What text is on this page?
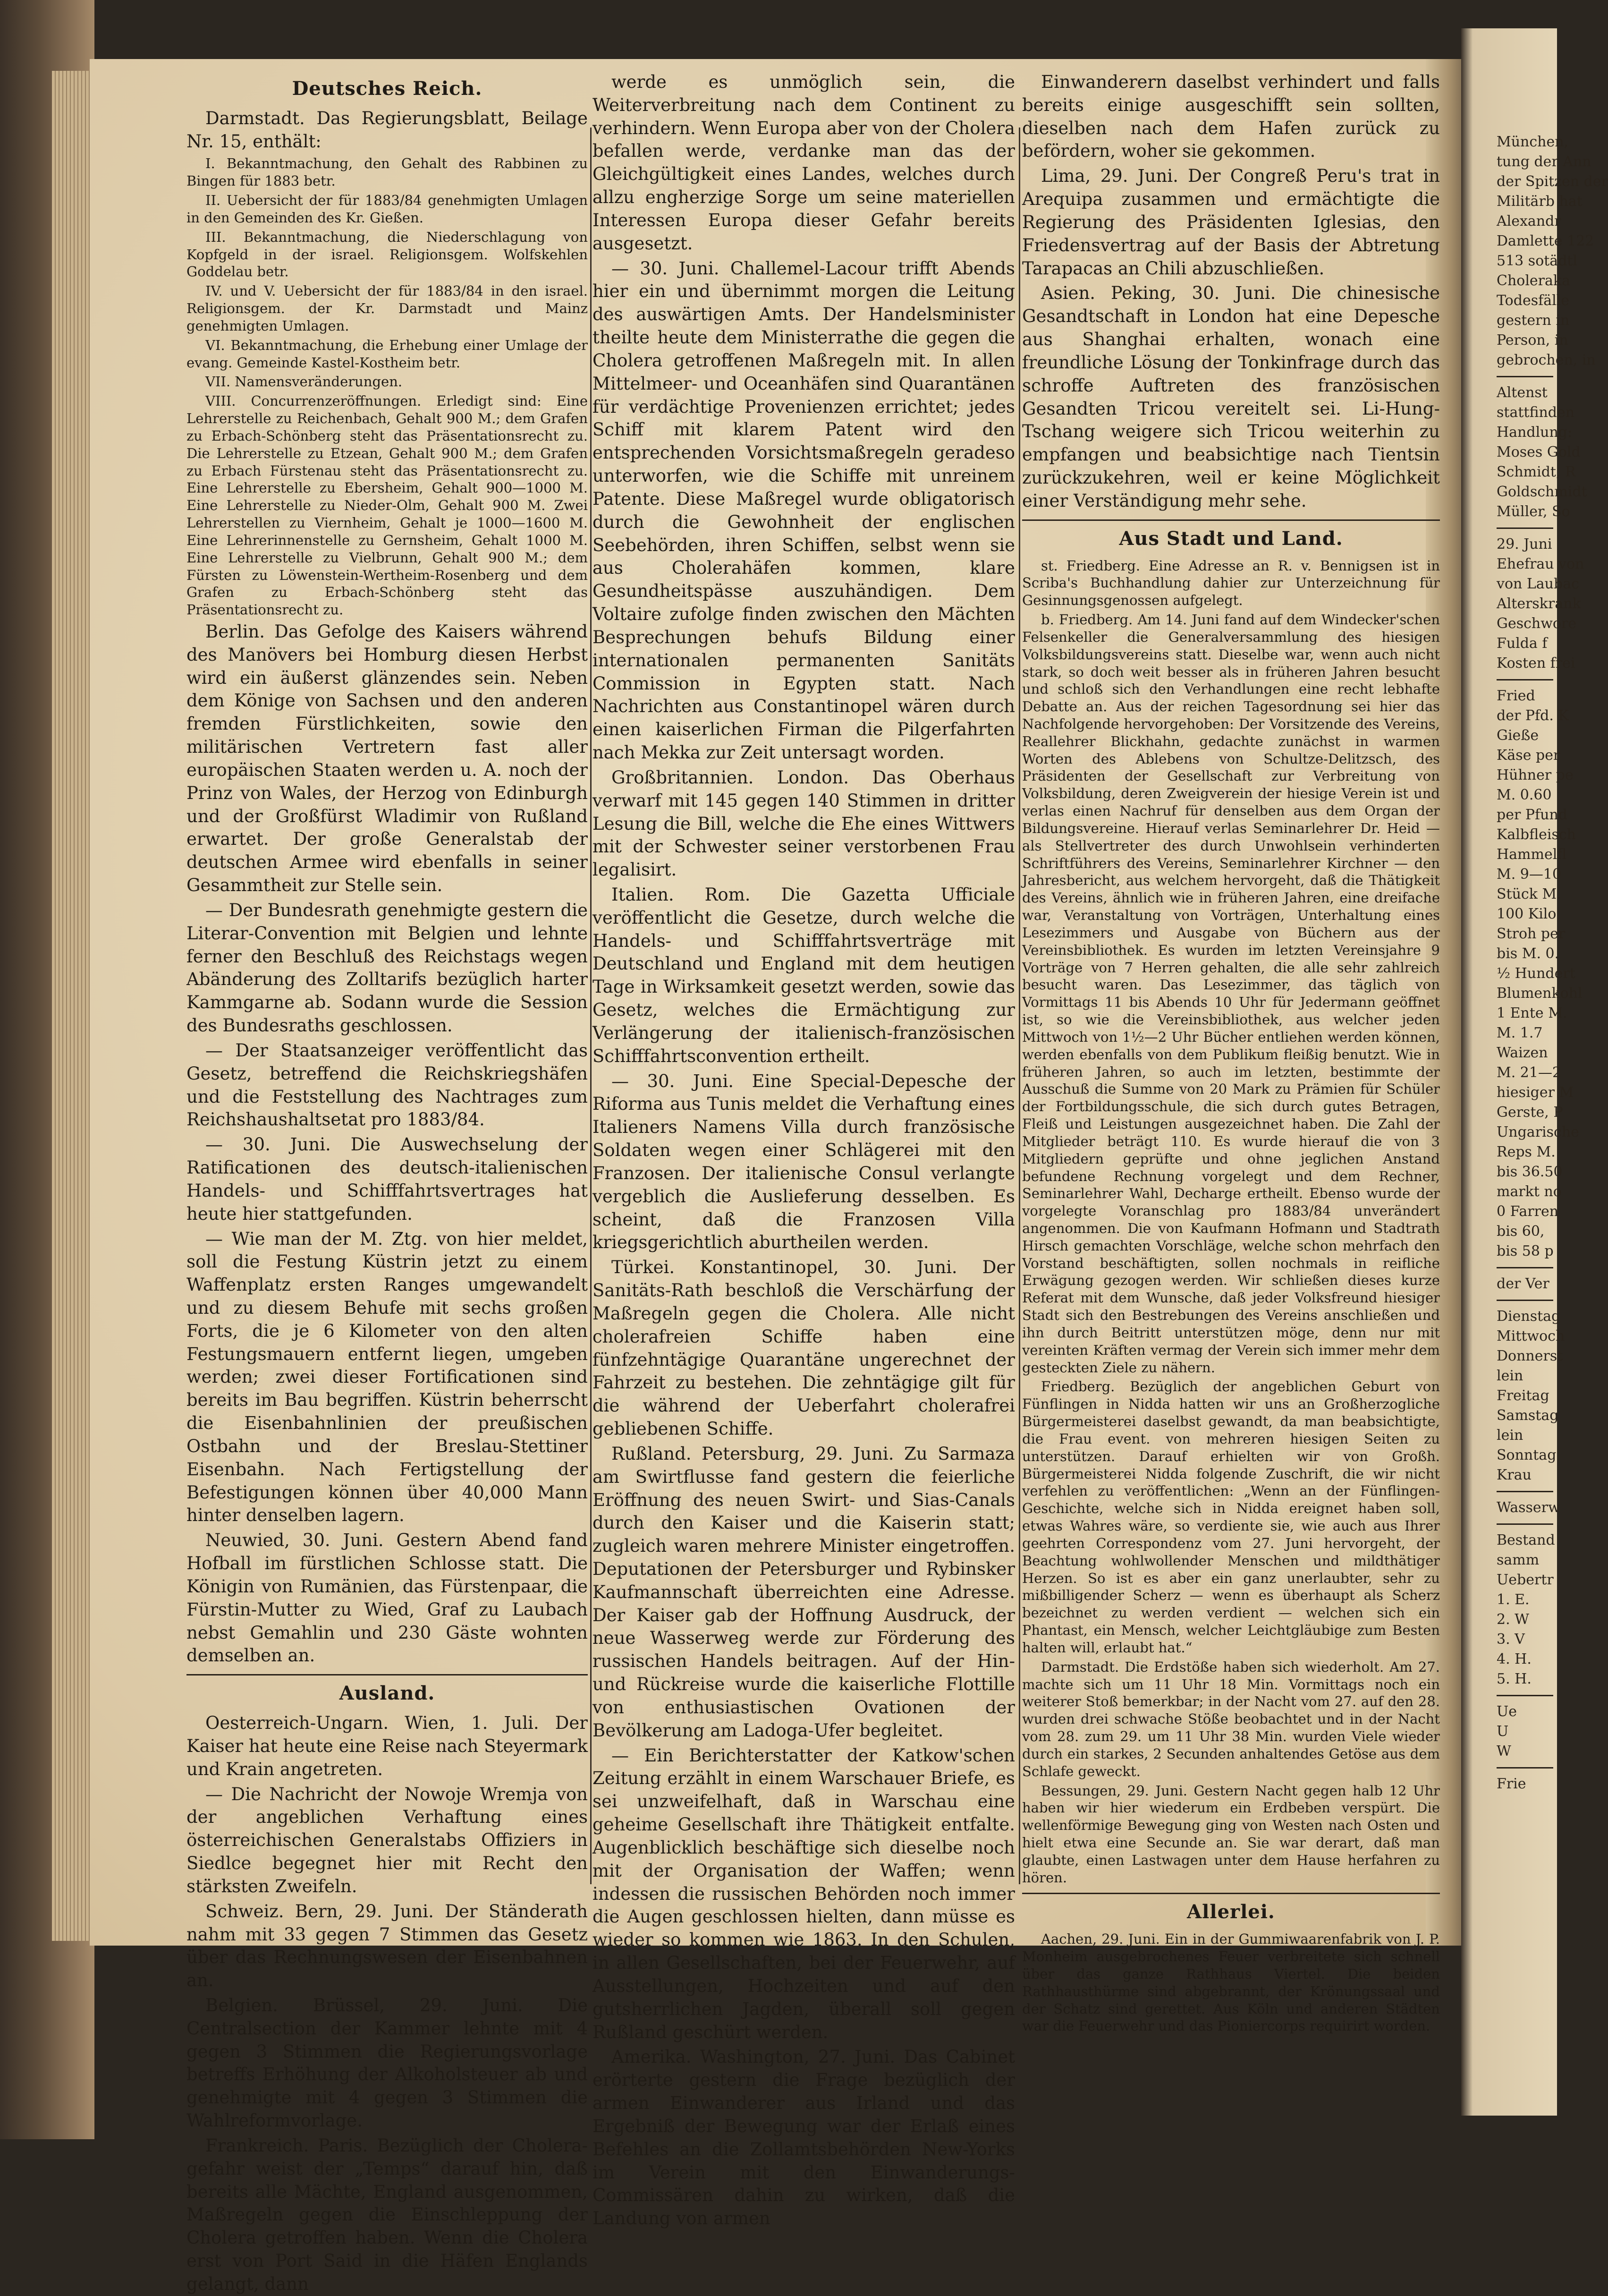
Deutsches Reich.

Darmstadt. Das Regierungsblatt, Beilage Nr. 15, enthält:

I. Bekanntmachung, den Gehalt des Rabbinen zu Bingen für 1883 betr.

II. Uebersicht der für 1883/84 genehmigten Umlagen in den Gemeinden des Kr. Gießen.

III. Bekanntmachung, die Niederschlagung von Kopfgeld in der israel. Religionsgem. Wolfskehlen Goddelau betr.

IV. und V. Uebersicht der für 1883/84 in den israel. Religionsgem. der Kr. Darmstadt und Mainz genehmigten Umlagen.

VI. Bekanntmachung, die Erhebung einer Umlage der evang. Gemeinde Kastel-Kostheim betr.

VII. Namensveränderungen.

VIII. Concurrenzeröffnungen. Erledigt sind: Eine Lehrerstelle zu Reichenbach, Gehalt 900 M.; dem Grafen zu Erbach-Schönberg steht das Präsentationsrecht zu. Die Lehrerstelle zu Etzean, Gehalt 900 M.; dem Grafen zu Erbach Fürstenau steht das Präsentationsrecht zu. Eine Lehrerstelle zu Ebersheim, Gehalt 900—1000 M. Eine Lehrerstelle zu Nieder-Olm, Gehalt 900 M. Zwei Lehrerstellen zu Viernheim, Gehalt je 1000—1600 M. Eine Lehrerinnenstelle zu Gernsheim, Gehalt 1000 M. Eine Lehrerstelle zu Vielbrunn, Gehalt 900 M.; dem Fürsten zu Löwenstein-Wertheim-Rosenberg und dem Grafen zu Erbach-Schönberg steht das Präsentationsrecht zu.

Berlin. Das Gefolge des Kaisers während des Manövers bei Homburg diesen Herbst wird ein äußerst glänzendes sein. Neben dem Könige von Sachsen und den anderen fremden Fürstlichkeiten, sowie den militärischen Vertretern fast aller europäischen Staaten werden u. A. noch der Prinz von Wales, der Herzog von Edinburgh und der Großfürst Wladimir von Rußland erwartet. Der große Generalstab der deutschen Armee wird ebenfalls in seiner Gesammtheit zur Stelle sein.

— Der Bundesrath genehmigte gestern die Literar-Convention mit Belgien und lehnte ferner den Beschluß des Reichstags wegen Abänderung des Zolltarifs bezüglich harter Kammgarne ab. Sodann wurde die Session des Bundesraths geschlossen.

— Der Staatsanzeiger veröffentlicht das Gesetz, betreffend die Reichskriegshäfen und die Feststellung des Nachtrages zum Reichshaushaltsetat pro 1883/84.

— 30. Juni. Die Auswechselung der Ratificationen des deutsch-italienischen Handels- und Schifffahrtsvertrages hat heute hier stattgefunden.

— Wie man der M. Ztg. von hier meldet, soll die Festung Küstrin jetzt zu einem Waffenplatz ersten Ranges umgewandelt und zu diesem Behufe mit sechs großen Forts, die je 6 Kilometer von den alten Festungsmauern entfernt liegen, umgeben werden; zwei dieser Fortificationen sind bereits im Bau begriffen. Küstrin beherrscht die Eisenbahnlinien der preußischen Ostbahn und der Breslau-Stettiner Eisenbahn. Nach Fertigstellung der Befestigungen können über 40,000 Mann hinter denselben lagern.

Neuwied, 30. Juni. Gestern Abend fand Hofball im fürstlichen Schlosse statt. Die Königin von Rumänien, das Fürstenpaar, die Fürstin-Mutter zu Wied, Graf zu Laubach nebst Gemahlin und 230 Gäste wohnten demselben an.

Ausland.

Oesterreich-Ungarn. Wien, 1. Juli. Der Kaiser hat heute eine Reise nach Steyermark und Krain angetreten.

— Die Nachricht der Nowoje Wremja von der angeblichen Verhaftung eines österreichischen Generalstabs Offiziers in Siedlce begegnet hier mit Recht den stärksten Zweifeln.

Schweiz. Bern, 29. Juni. Der Ständerath nahm mit 33 gegen 7 Stimmen das Gesetz über das Rechnungswesen der Eisenbahnen an.

Belgien. Brüssel, 29. Juni. Die Centralsection der Kammer lehnte mit 4 gegen 3 Stimmen die Regierungsvorlage betreffs Erhöhung der Alkoholsteuer ab und genehmigte mit 4 gegen 3 Stimmen die Wahlreformvorlage.

Frankreich. Paris. Bezüglich der Cholera-gefahr weist der „Temps“ darauf hin, daß bereits alle Mächte, England ausgenommen, Maßregeln gegen die Einschleppung der Cholera getroffen haben. Wenn die Cholera erst von Port Said in die Häfen Englands gelangt, dann

werde es unmöglich sein, die Weiterverbreitung nach dem Continent zu verhindern. Wenn Europa aber von der Cholera befallen werde, verdanke man das der Gleichgültigkeit eines Landes, welches durch allzu engherzige Sorge um seine materiellen Interessen Europa dieser Gefahr bereits ausgesetzt.

— 30. Juni. Challemel-Lacour trifft Abends hier ein und übernimmt morgen die Leitung des auswärtigen Amts. Der Handelsminister theilte heute dem Ministerrathe die gegen die Cholera getroffenen Maßregeln mit. In allen Mittelmeer- und Oceanhäfen sind Quarantänen für verdächtige Provenienzen errichtet; jedes Schiff mit klarem Patent wird den entsprechenden Vorsichtsmaßregeln geradeso unterworfen, wie die Schiffe mit unreinem Patente. Diese Maßregel wurde obligatorisch durch die Gewohnheit der englischen Seebehörden, ihren Schiffen, selbst wenn sie aus Cholerahäfen kommen, klare Gesundheitspässe auszuhändigen. Dem Voltaire zufolge finden zwischen den Mächten Besprechungen behufs Bildung einer internationalen permanenten Sanitäts Commission in Egypten statt. Nach Nachrichten aus Constantinopel wären durch einen kaiserlichen Firman die Pilgerfahrten nach Mekka zur Zeit untersagt worden.

Großbritannien. London. Das Oberhaus verwarf mit 145 gegen 140 Stimmen in dritter Lesung die Bill, welche die Ehe eines Wittwers mit der Schwester seiner verstorbenen Frau legalisirt.

Italien. Rom. Die Gazetta Ufficiale veröffentlicht die Gesetze, durch welche die Handels- und Schifffahrtsverträge mit Deutschland und England mit dem heutigen Tage in Wirksamkeit gesetzt werden, sowie das Gesetz, welches die Ermächtigung zur Verlängerung der italienisch-französischen Schifffahrtsconvention ertheilt.

— 30. Juni. Eine Special-Depesche der Riforma aus Tunis meldet die Verhaftung eines Italieners Namens Villa durch französische Soldaten wegen einer Schlägerei mit den Franzosen. Der italienische Consul verlangte vergeblich die Auslieferung desselben. Es scheint, daß die Franzosen Villa kriegsgerichtlich aburtheilen werden.

Türkei. Konstantinopel, 30. Juni. Der Sanitäts-Rath beschloß die Verschärfung der Maßregeln gegen die Cholera. Alle nicht cholerafreien Schiffe haben eine fünfzehntägige Quarantäne ungerechnet der Fahrzeit zu bestehen. Die zehntägige gilt für die während der Ueberfahrt cholerafrei gebliebenen Schiffe.

Rußland. Petersburg, 29. Juni. Zu Sarmaza am Swirtflusse fand gestern die feierliche Eröffnung des neuen Swirt- und Sias-Canals durch den Kaiser und die Kaiserin statt; zugleich waren mehrere Minister eingetroffen. Deputationen der Petersburger und Rybinsker Kaufmannschaft überreichten eine Adresse. Der Kaiser gab der Hoffnung Ausdruck, der neue Wasserweg werde zur Förderung des russischen Handels beitragen. Auf der Hin- und Rückreise wurde die kaiserliche Flottille von enthusiastischen Ovationen der Bevölkerung am Ladoga-Ufer begleitet.

— Ein Berichterstatter der Katkow'schen Zeitung erzählt in einem Warschauer Briefe, es sei unzweifelhaft, daß in Warschau eine geheime Gesellschaft ihre Thätigkeit entfalte. Augenblicklich beschäftige sich dieselbe noch mit der Organisation der Waffen; wenn indessen die russischen Behörden noch immer die Augen geschlossen hielten, dann müsse es wieder so kommen wie 1863. In den Schulen, in allen Gesellschaften, bei der Feuerwehr, auf Ausstellungen, Hochzeiten und auf den gutsherrlichen Jagden, überall soll gegen Rußland geschürt werden.

Amerika. Washington, 27. Juni. Das Cabinet erörterte gestern die Frage bezüglich der armen Einwanderer aus Irland und das Ergebniß der Bewegung war der Erlaß eines Befehles an die Zollamtsbehörden New-Yorks im Verein mit den Einwanderungs-Commissären dahin zu wirken, daß die Landung von armen

Einwanderern daselbst verhindert und falls bereits einige ausgeschifft sein sollten, dieselben nach dem Hafen zurück zu befördern, woher sie gekommen.

Lima, 29. Juni. Der Congreß Peru's trat in Arequipa zusammen und ermächtigte die Regierung des Präsidenten Iglesias, den Friedensvertrag auf der Basis der Abtretung Tarapacas an Chili abzuschließen.

Asien. Peking, 30. Juni. Die chinesische Gesandtschaft in London hat eine Depesche aus Shanghai erhalten, wonach eine freundliche Lösung der Tonkinfrage durch das schroffe Auftreten des französischen Gesandten Tricou vereitelt sei. Li-Hung-Tschang weigere sich Tricou weiterhin zu empfangen und beabsichtige nach Tientsin zurückzukehren, weil er keine Möglichkeit einer Verständigung mehr sehe.

Aus Stadt und Land.

st. Friedberg. Eine Adresse an R. v. Bennigsen ist in Scriba's Buchhandlung dahier zur Unterzeichnung für Gesinnungsgenossen aufgelegt.

b. Friedberg. Am 14. Juni fand auf dem Windecker'schen Felsenkeller die Generalversammlung des hiesigen Volksbildungsvereins statt. Dieselbe war, wenn auch nicht stark, so doch weit besser als in früheren Jahren besucht und schloß sich den Verhandlungen eine recht lebhafte Debatte an. Aus der reichen Tagesordnung sei hier das Nachfolgende hervorgehoben: Der Vorsitzende des Vereins, Reallehrer Blickhahn, gedachte zunächst in warmen Worten des Ablebens von Schultze-Delitzsch, des Präsidenten der Gesellschaft zur Verbreitung von Volksbildung, deren Zweigverein der hiesige Verein ist und verlas einen Nachruf für denselben aus dem Organ der Bildungsvereine. Hierauf verlas Seminarlehrer Dr. Heid — als Stellvertreter des durch Unwohlsein verhinderten Schriftführers des Vereins, Seminarlehrer Kirchner — den Jahresbericht, aus welchem hervorgeht, daß die Thätigkeit des Vereins, ähnlich wie in früheren Jahren, eine dreifache war, Veranstaltung von Vorträgen, Unterhaltung eines Lesezimmers und Ausgabe von Büchern aus der Vereinsbibliothek. Es wurden im letzten Vereinsjahre 9 Vorträge von 7 Herren gehalten, die alle sehr zahlreich besucht waren. Das Lesezimmer, das täglich von Vormittags 11 bis Abends 10 Uhr für Jedermann geöffnet ist, so wie die Vereinsbibliothek, aus welcher jeden Mittwoch von 1½—2 Uhr Bücher entliehen werden können, werden ebenfalls von dem Publikum fleißig benutzt. Wie in früheren Jahren, so auch im letzten, bestimmte der Ausschuß die Summe von 20 Mark zu Prämien für Schüler der Fortbildungsschule, die sich durch gutes Betragen, Fleiß und Leistungen ausgezeichnet haben. Die Zahl der Mitglieder beträgt 110. Es wurde hierauf die von 3 Mitgliedern geprüfte und ohne jeglichen Anstand befundene Rechnung vorgelegt und dem Rechner, Seminarlehrer Wahl, Decharge ertheilt. Ebenso wurde der vorgelegte Voranschlag pro 1883/84 unverändert angenommen. Die von Kaufmann Hofmann und Stadtrath Hirsch gemachten Vorschläge, welche schon mehrfach den Vorstand beschäftigten, sollen nochmals in reifliche Erwägung gezogen werden. Wir schließen dieses kurze Referat mit dem Wunsche, daß jeder Volksfreund hiesiger Stadt sich den Bestrebungen des Vereins anschließen und ihn durch Beitritt unterstützen möge, denn nur mit vereinten Kräften vermag der Verein sich immer mehr dem gesteckten Ziele zu nähern.

Friedberg. Bezüglich der angeblichen Geburt von Fünflingen in Nidda hatten wir uns an Großherzogliche Bürgermeisterei daselbst gewandt, da man beabsichtigte, die Frau event. von mehreren hiesigen Seiten zu unterstützen. Darauf erhielten wir von Großh. Bürgermeisterei Nidda folgende Zuschrift, die wir nicht verfehlen zu veröffentlichen: „Wenn an der Fünflingen-Geschichte, welche sich in Nidda ereignet haben soll, etwas Wahres wäre, so verdiente sie, wie auch aus Ihrer geehrten Correspondenz vom 27. Juni hervorgeht, der Beachtung wohlwollender Menschen und mildthätiger Herzen. So ist es aber ein ganz unerlaubter, sehr zu mißbilligender Scherz — wenn es überhaupt als Scherz bezeichnet zu werden verdient — welchen sich ein Phantast, ein Mensch, welcher Leichtgläubige zum Besten halten will, erlaubt hat.“

Darmstadt. Die Erdstöße haben sich wiederholt. Am 27. machte sich um 11 Uhr 18 Min. Vormittags noch ein weiterer Stoß bemerkbar; in der Nacht vom 27. auf den 28. wurden drei schwache Stöße beobachtet und in der Nacht vom 28. zum 29. um 11 Uhr 38 Min. wurden Viele wieder durch ein starkes, 2 Secunden anhaltendes Getöse aus dem Schlafe geweckt.

Bessungen, 29. Juni. Gestern Nacht gegen halb 12 Uhr haben wir hier wiederum ein Erdbeben verspürt. Die wellenförmige Bewegung ging von Westen nach Osten und hielt etwa eine Secunde an. Sie war derart, daß man glaubte, einen Lastwagen unter dem Hause herfahren zu hören.

Allerlei.

Aachen, 29. Juni. Ein in der Gummiwaarenfabrik von J. P. Monheim ausgebrochenes Feuer verbreitete sich schnell über das ganze Rathhaus Viertel. Die beiden Rathhausthürme sind abgebrannt, der Krönungssaal und der Schatz sind gerettet. Aus Köln und anderen Städten war die Feuerwehr und das Pioniercorps requirirt worden.

München,

tung der Ann

der Spitzen der

Militärb hat

Alexandr

Damlette 122

513 sotädtl

Choleraka

Todesfälle

gestern in

Person, in

gebrochen, in

Altenst

stattfinden

Handlung:

Moses Gold

Schmidt, R

Goldschmidt

Müller, So

29. Juni

Ehefrau von

von Laubac

Alterskrank

Geschwore

Fulda f

Kosten frei

Fried

der Pfd. K

Gieße

Käse per

Hühner pe

M. 0.60

per Pfund

Kalbfleisch

Hammelfl

M. 9—10

Stück M.

100 Kilo

Stroh per

bis M. 0.

½ Hundert

Blumenkohl

1 Ente M.

M. 1.7

Waizen

M. 21—2

hiesiger M

Gerste, P

Ungarische

Reps M.

bis 36.50

markt no

0 Farren

bis 60,

bis 58 p

der Ver

Dienstag

Mittwoch

Donnerst

lein

Freitag

Samstag

lein

Sonntag

Krau

Wasserw

Bestand

samm

Uebertr

1. E.

2. W

3. V

4. H.

5. H.

Ue

U

W

Frie
